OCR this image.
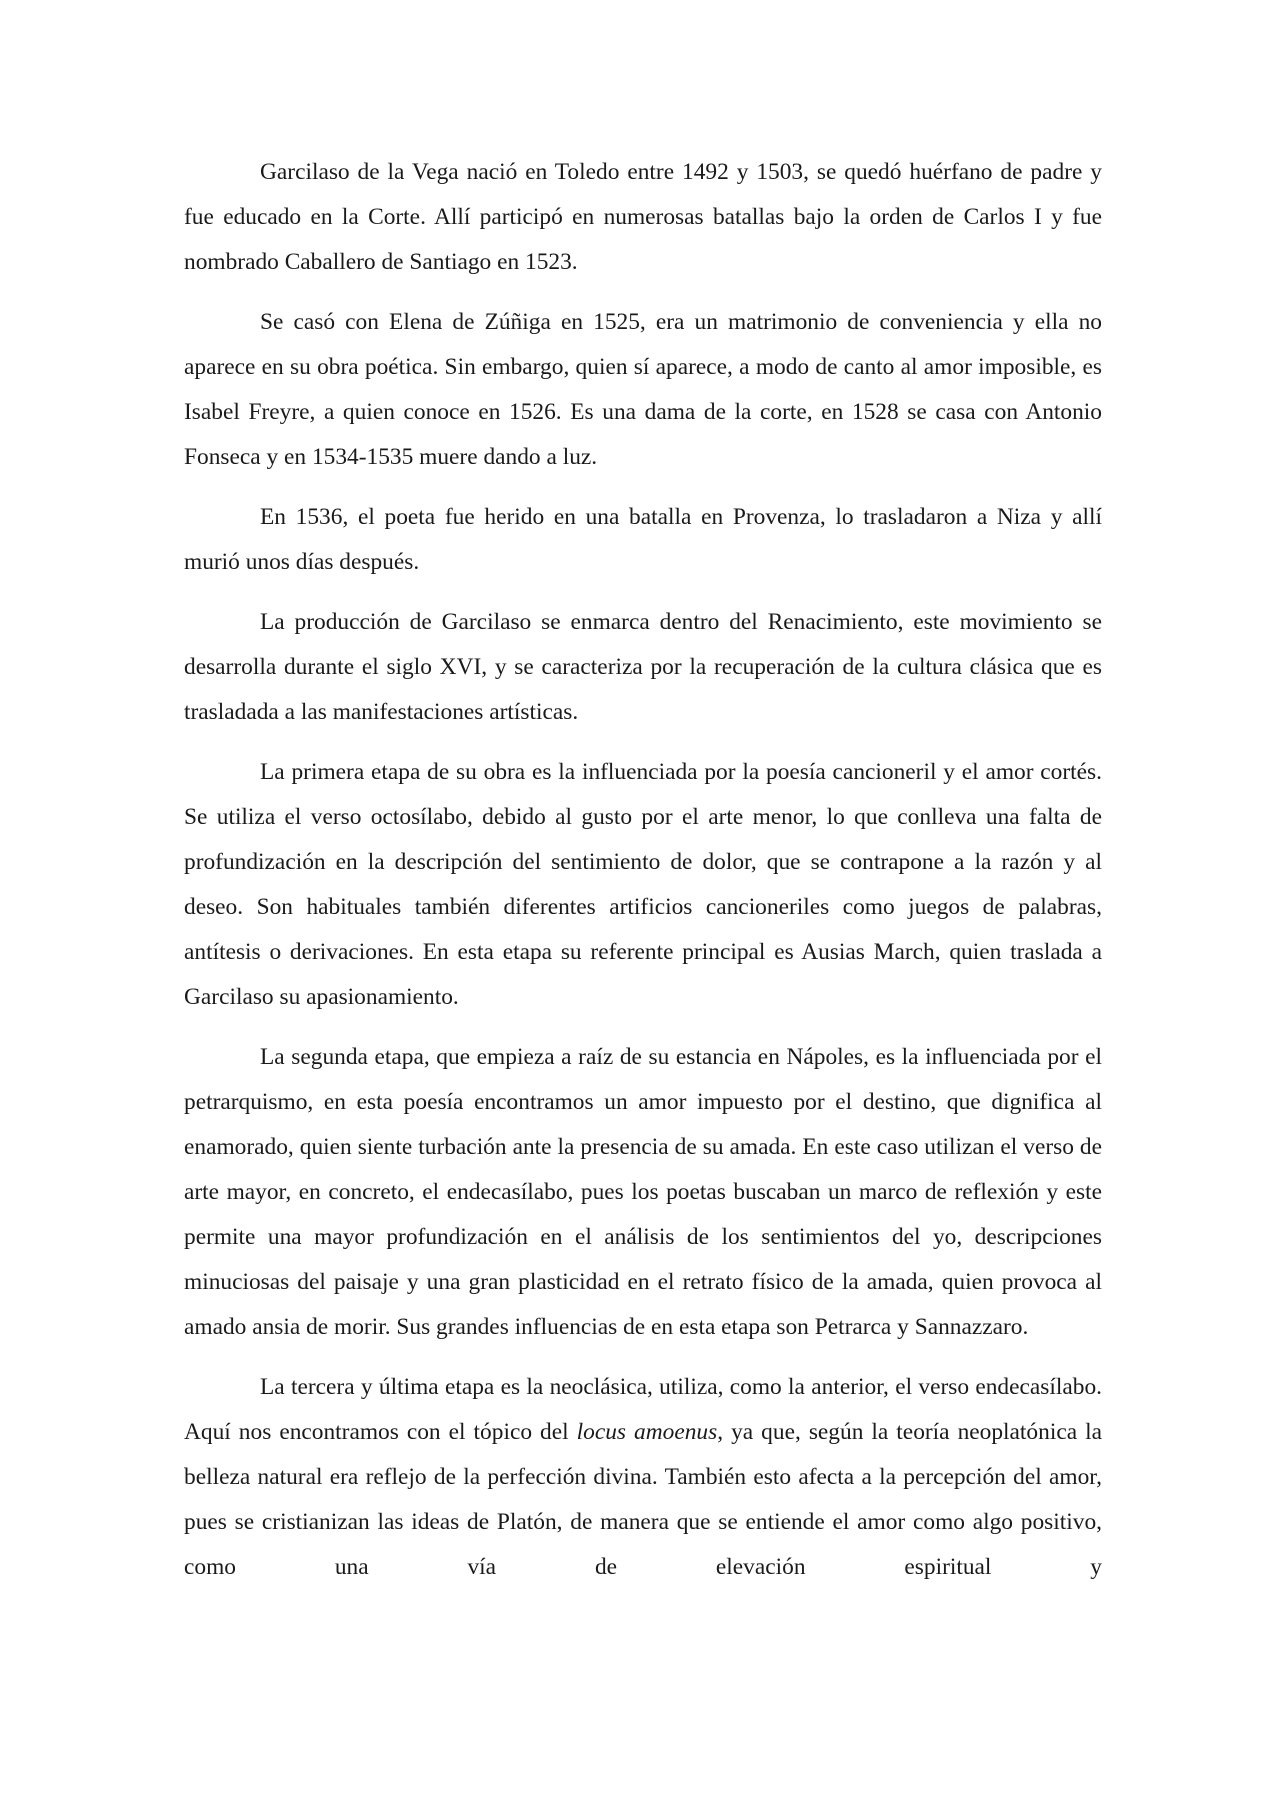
Garcilaso de la Vega nació en Toledo entre 1492 y 1503, se quedó huérfano de padre y fue educado en la Corte. Allí participó en numerosas batallas bajo la orden de Carlos I y fue nombrado Caballero de Santiago en 1523.

Se casó con Elena de Zúñiga en 1525, era un matrimonio de conveniencia y ella no aparece en su obra poética. Sin embargo, quien sí aparece, a modo de canto al amor imposible, es Isabel Freyre, a quien conoce en 1526. Es una dama de la corte, en 1528 se casa con Antonio Fonseca y en 1534-1535 muere dando a luz.

En 1536, el poeta fue herido en una batalla en Provenza, lo trasladaron a Niza y allí murió unos días después.

La producción de Garcilaso se enmarca dentro del Renacimiento, este movimiento se desarrolla durante el siglo XVI, y se caracteriza por la recuperación de la cultura clásica que es trasladada a las manifestaciones artísticas.

La primera etapa de su obra es la influenciada por la poesía cancioneril y el amor cortés. Se utiliza el verso octosílabo, debido al gusto por el arte menor, lo que conlleva una falta de profundización en la descripción del sentimiento de dolor, que se contrapone a la razón y al deseo. Son habituales también diferentes artificios cancioneriles como juegos de palabras, antítesis o derivaciones. En esta etapa su referente principal es Ausias March, quien traslada a Garcilaso su apasionamiento.

La segunda etapa, que empieza a raíz de su estancia en Nápoles, es la influenciada por el petrarquismo, en esta poesía encontramos un amor impuesto por el destino, que dignifica al enamorado, quien siente turbación ante la presencia de su amada. En este caso utilizan el verso de arte mayor, en concreto, el endecasílabo, pues los poetas buscaban un marco de reflexión y este permite una mayor profundización en el análisis de los sentimientos del yo, descripciones minuciosas del paisaje y una gran plasticidad en el retrato físico de la amada, quien provoca al amado ansia de morir. Sus grandes influencias de en esta etapa son Petrarca y Sannazzaro.

La tercera y última etapa es la neoclásica, utiliza, como la anterior, el verso endecasílabo. Aquí nos encontramos con el tópico del locus amoenus, ya que, según la teoría neoplatónica la belleza natural era reflejo de la perfección divina. También esto afecta a la percepción del amor, pues se cristianizan las ideas de Platón, de manera que se entiende el amor como algo positivo, como una vía de elevación espiritual y
